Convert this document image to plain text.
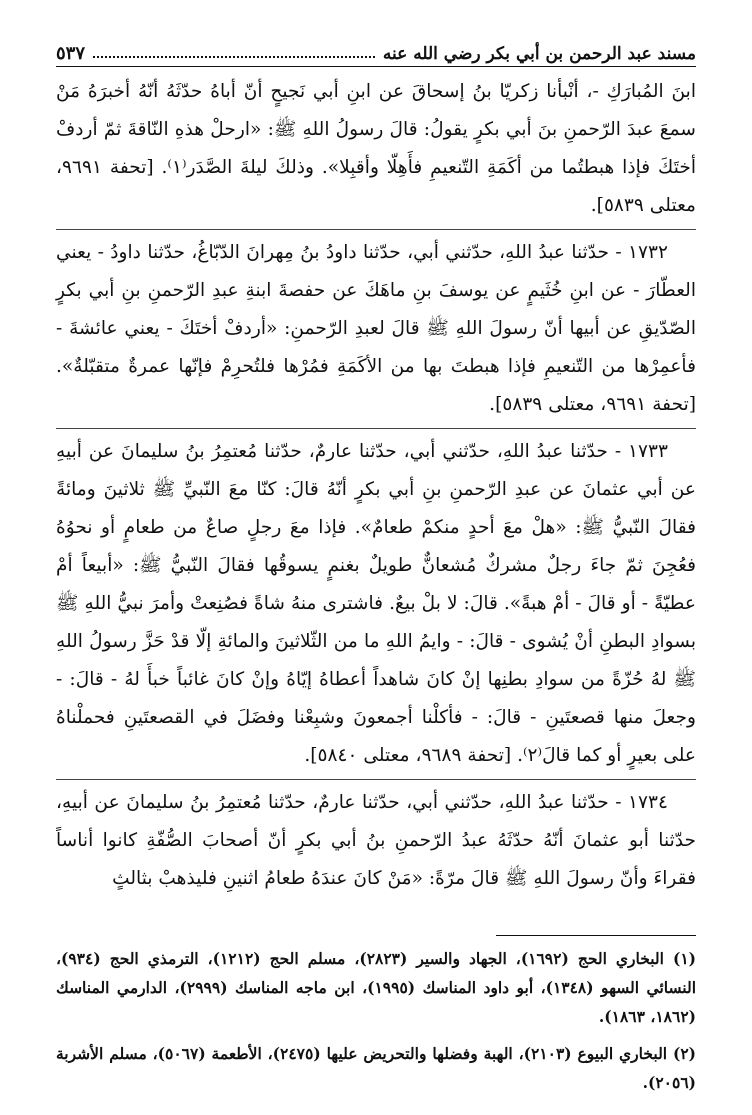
مسند عبد الرحمن بن أبي بكر رضي الله عنه
٥٣٧

ابنَ المُبارَكِ -، أنْبأنا زكريّا بنُ إسحاقَ عن ابنِ أبي نَجيحٍ أنّ أباهُ حدّثَهُ أنّهُ أخبرَهُ مَنْ سمعَ عبدَ الرّحمنِ بنَ أبي بكرٍ يقولُ: قالَ رسولُ اللهِ ﷺ: «ارحلْ هذهِ النّاقةَ ثمّ أردفْ أختَكَ فإذا هبطتُما من أكَمَةِ التّنعيمِ فأَهِلّا وأقبِلا». وذلكَ ليلةَ الصَّدَر⁽١⁾. [تحفة ٩٦٩١، معتلى ٥٨٣٩].

١٧٣٢ - حدّثنا عبدُ اللهِ، حدّثني أبي، حدّثنا داودُ بنُ مِهرانَ الدّبّاغُ، حدّثنا داودُ - يعني العطّارَ - عن ابنِ خُثَيمٍ عن يوسفَ بنِ ماهَكَ عن حفصةَ ابنةِ عبدِ الرّحمنِ بنِ أبي بكرٍ الصّدّيقِ عن أبيها أنّ رسولَ اللهِ ﷺ قالَ لعبدِ الرّحمنِ: «أردفْ أختَكَ - يعني عائشةَ - فأعمِرْها من التّنعيمِ فإذا هبطتَ بها من الأكَمَةِ فمُرْها فلتُحرِمْ فإنّها عمرةٌ متقبّلةٌ». [تحفة ٩٦٩١، معتلى ٥٨٣٩].

١٧٣٣ - حدّثنا عبدُ اللهِ، حدّثني أبي، حدّثنا عارمٌ، حدّثنا مُعتمِرُ بنُ سليمانَ عن أبيهِ عن أبي عثمانَ عن عبدِ الرّحمنِ بنِ أبي بكرٍ أنّهُ قالَ: كنّا معَ النّبيِّ ﷺ ثلاثينَ ومائةً فقالَ النّبيُّ ﷺ: «هلْ معَ أحدٍ منكمْ طعامٌ». فإذا معَ رجلٍ صاعٌ من طعامٍ أو نحوُهُ فعُجِنَ ثمّ جاءَ رجلٌ مشركٌ مُشعانٌّ طويلٌ بغنمٍ يسوقُها فقالَ النّبيُّ ﷺ: «أبيعاً أمْ عطيّةً - أو قالَ - أمْ هبةً». قالَ: لا بلْ بيعٌ. فاشترى منهُ شاةً فصُنِعتْ وأمرَ نبيُّ اللهِ ﷺ بسوادِ البطنِ أنْ يُشوى - قالَ: - وايمُ اللهِ ما من الثّلاثينَ والمائةِ إلّا قدْ حَزَّ رسولُ اللهِ ﷺ لهُ حُزّةً من سوادِ بطنِها إنْ كانَ شاهداً أعطاهُ إيّاهُ وإنْ كانَ غائباً خبأَ لهُ - قالَ: - وجعلَ منها قصعتَينِ - قالَ: - فأكلْنا أجمعونَ وشبِعْنا وفضَلَ في القصعتَينِ فحملْناهُ على بعيرٍ أو كما قالَ⁽٢⁾. [تحفة ٩٦٨٩، معتلى ٥٨٤٠].

١٧٣٤ - حدّثنا عبدُ اللهِ، حدّثني أبي، حدّثنا عارمٌ، حدّثنا مُعتمِرُ بنُ سليمانَ عن أبيهِ، حدّثنا أبو عثمانَ أنّهُ حدّثَهُ عبدُ الرّحمنِ بنُ أبي بكرٍ أنّ أصحابَ الصُّفّةِ كانوا أناساً فقراءَ وأنّ رسولَ اللهِ ﷺ قالَ مرّةً: «مَنْ كانَ عندَهُ طعامُ اثنينِ فليذهبْ بثالثٍ

(١) البخاري الحج (١٦٩٢)، الجهاد والسير (٢٨٢٣)، مسلم الحج (١٢١٢)، الترمذي الحج (٩٣٤)، النسائي السهو (١٣٤٨)، أبو داود المناسك (١٩٩٥)، ابن ماجه المناسك (٢٩٩٩)، الدارمي المناسك (١٨٦٢، ١٨٦٣).

(٢) البخاري البيوع (٢١٠٣)، الهبة وفضلها والتحريض عليها (٢٤٧٥)، الأطعمة (٥٠٦٧)، مسلم الأشربة (٢٠٥٦).
